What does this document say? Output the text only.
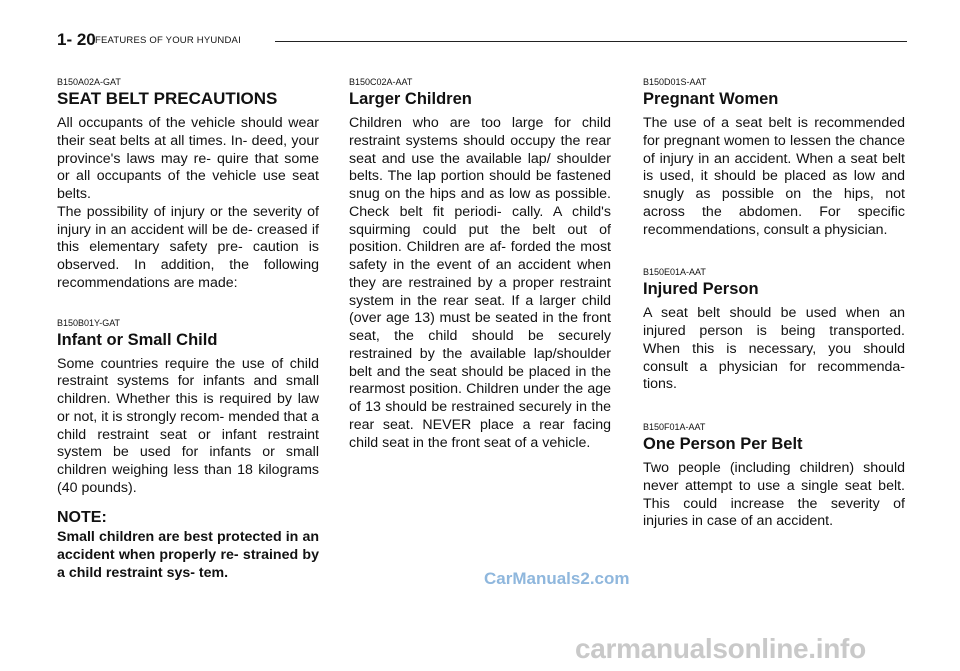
1- 20 FEATURES OF YOUR HYUNDAI
B150A02A-GAT
SEAT BELT PRECAUTIONS

All occupants of the vehicle should wear their seat belts at all times. In- deed, your province's laws may re- quire that some or all occupants of the vehicle use seat belts.

The possibility of injury or the severity of injury in an accident will be de- creased if this elementary safety pre- caution is observed. In addition, the following recommendations are made:

B150B01Y-GAT
Infant or Small Child

Some countries require the use of child restraint systems for infants and small children. Whether this is required by law or not, it is strongly recom- mended that a child restraint seat or infant restraint system be used for infants or small children weighing less than 18 kilograms (40 pounds).

NOTE:

Small children are best protected in an accident when properly re- strained by a child restraint sys- tem.

B150C02A-AAT
Larger Children

Children who are too large for child restraint systems should occupy the rear seat and use the available lap/ shoulder belts. The lap portion should be fastened snug on the hips and as low as possible. Check belt fit periodi- cally. A child's squirming could put the belt out of position. Children are af- forded the most safety in the event of an accident when they are restrained by a proper restraint system in the rear seat. If a larger child (over age 13) must be seated in the front seat, the child should be securely restrained by the available lap/shoulder belt and the seat should be placed in the rearmost position. Children under the age of 13 should be restrained securely in the rear seat. NEVER place a rear facing child seat in the front seat of a vehicle.

B150D01S-AAT
Pregnant Women

The use of a seat belt is recommended for pregnant women to lessen the chance of injury in an accident. When a seat belt is used, it should be placed as low and snugly as possible on the hips, not across the abdomen. For specific recommendations, consult a physician.

B150E01A-AAT
Injured Person

A seat belt should be used when an injured person is being transported. When this is necessary, you should consult a physician for recommenda- tions.

B150F01A-AAT
One Person Per Belt

Two people (including children) should never attempt to use a single seat belt. This could increase the severity of injuries in case of an accident.

CarManuals2.com
carmanualsonline.info
